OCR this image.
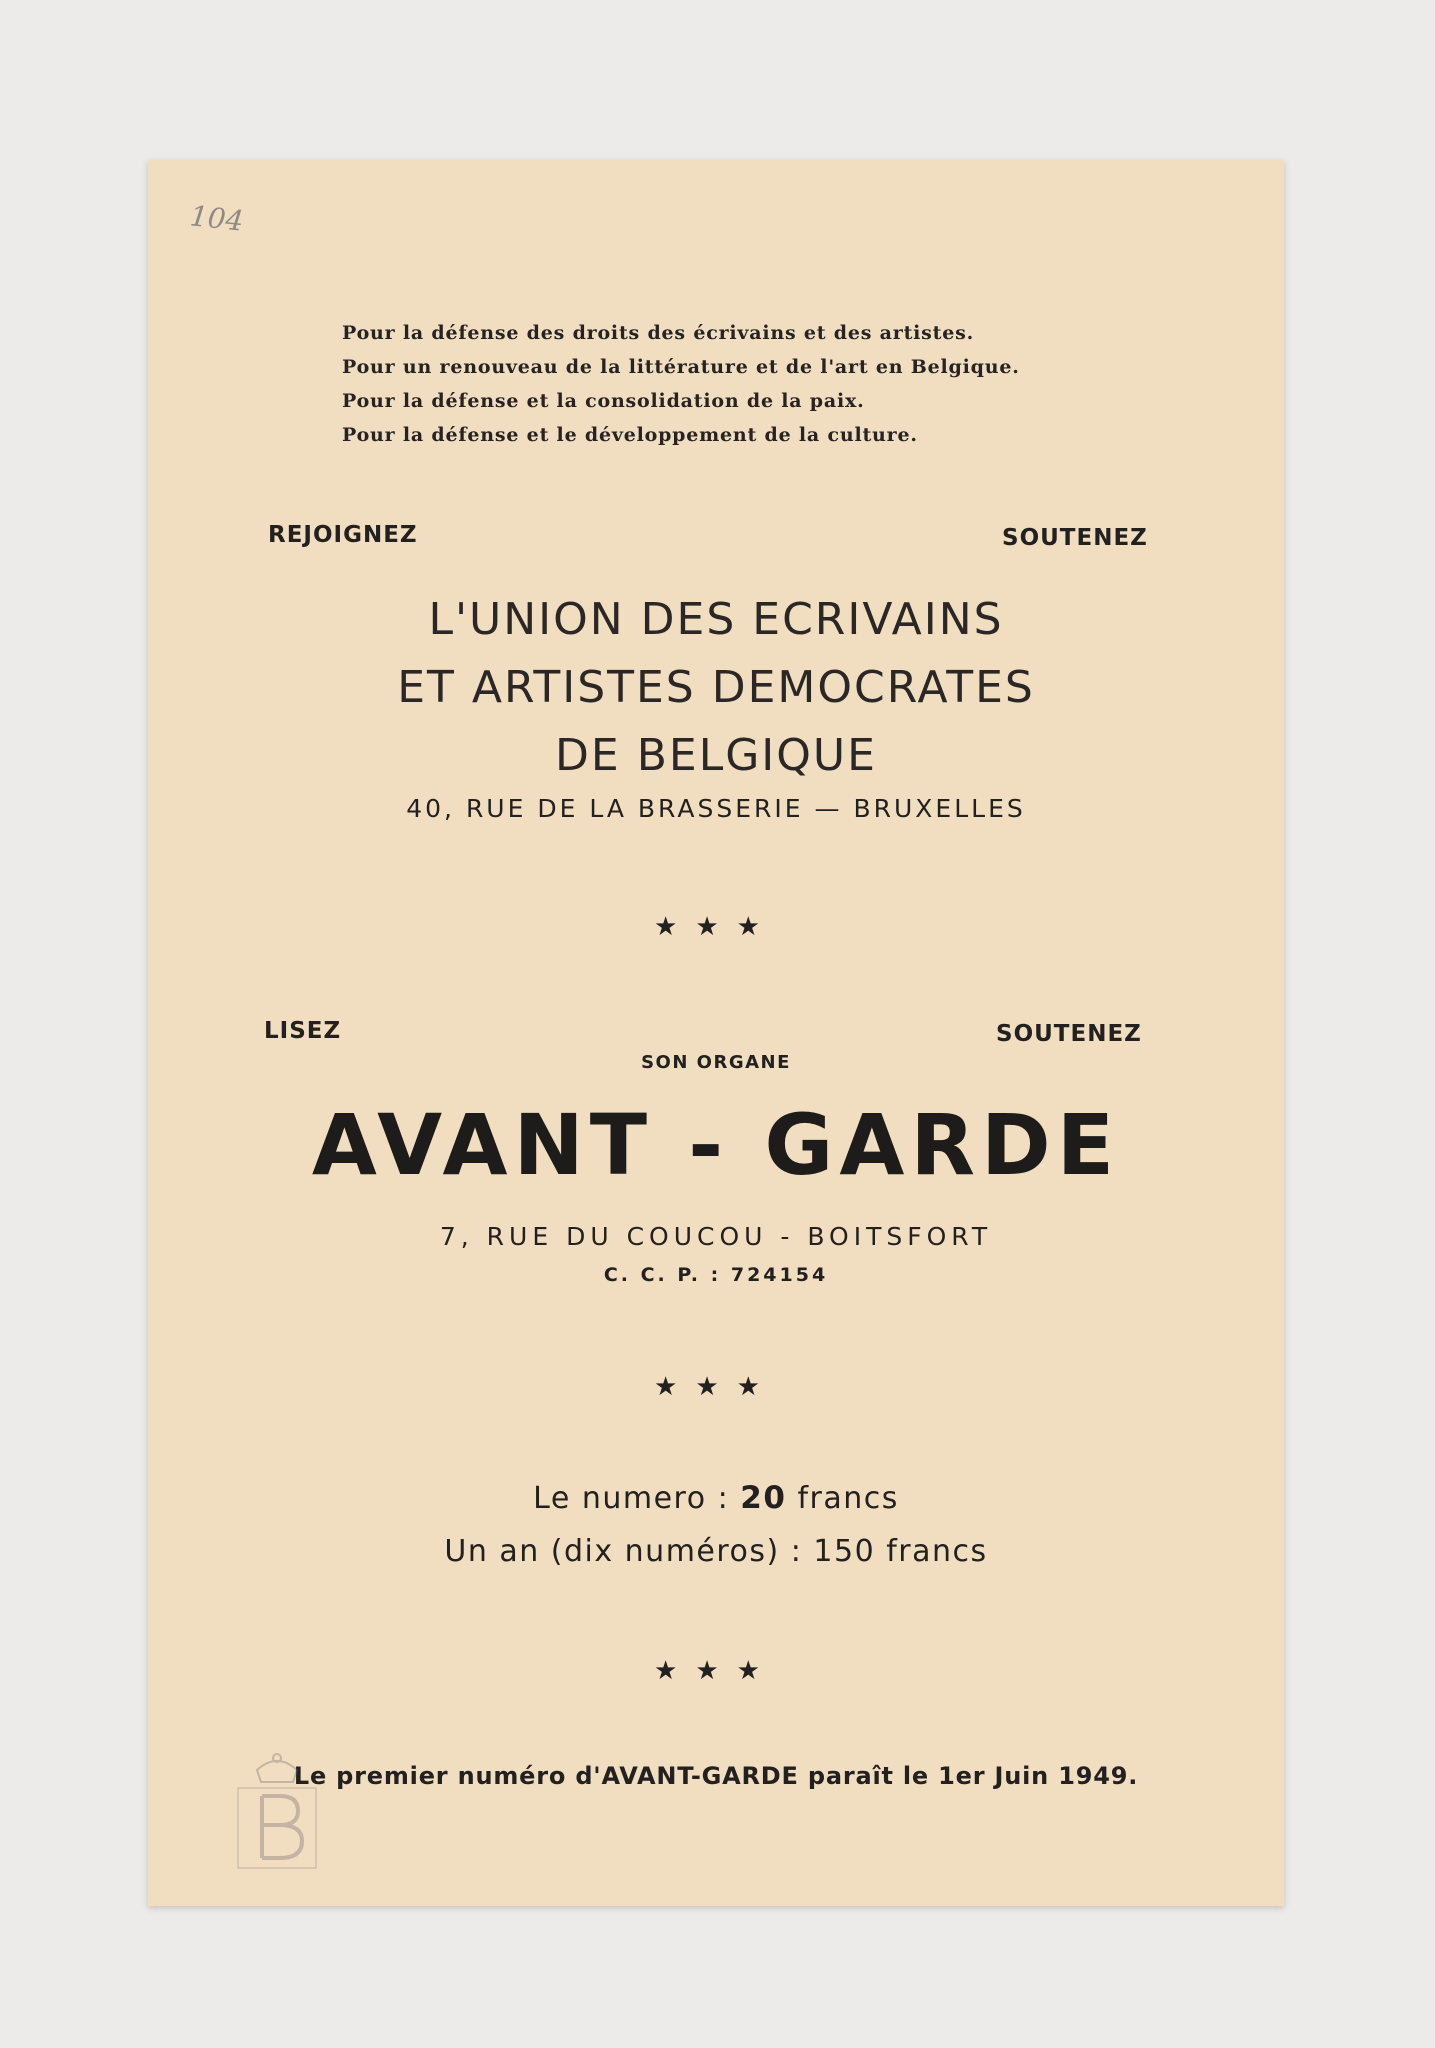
104
Pour la défense des droits des écrivains et des artistes.
Pour un renouveau de la littérature et de l'art en Belgique.
Pour la défense et la consolidation de la paix.
Pour la défense et le développement de la culture.
REJOIGNEZ	SOUTENEZ
L'UNION DES ECRIVAINS
ET ARTISTES DEMOCRATES
DE BELGIQUE
40, RUE DE LA BRASSERIE — BRUXELLES
★★★
LISEZ	SOUTENEZ
SON ORGANE
AVANT - GARDE
7, RUE DU COUCOU - BOITSFORT
C. C. P. : 724154
★★★
Le numero : 20 francs
Un an (dix numéros) : 150 francs
★★★
Le premier numéro d'AVANT-GARDE paraît le 1er Juin 1949.
